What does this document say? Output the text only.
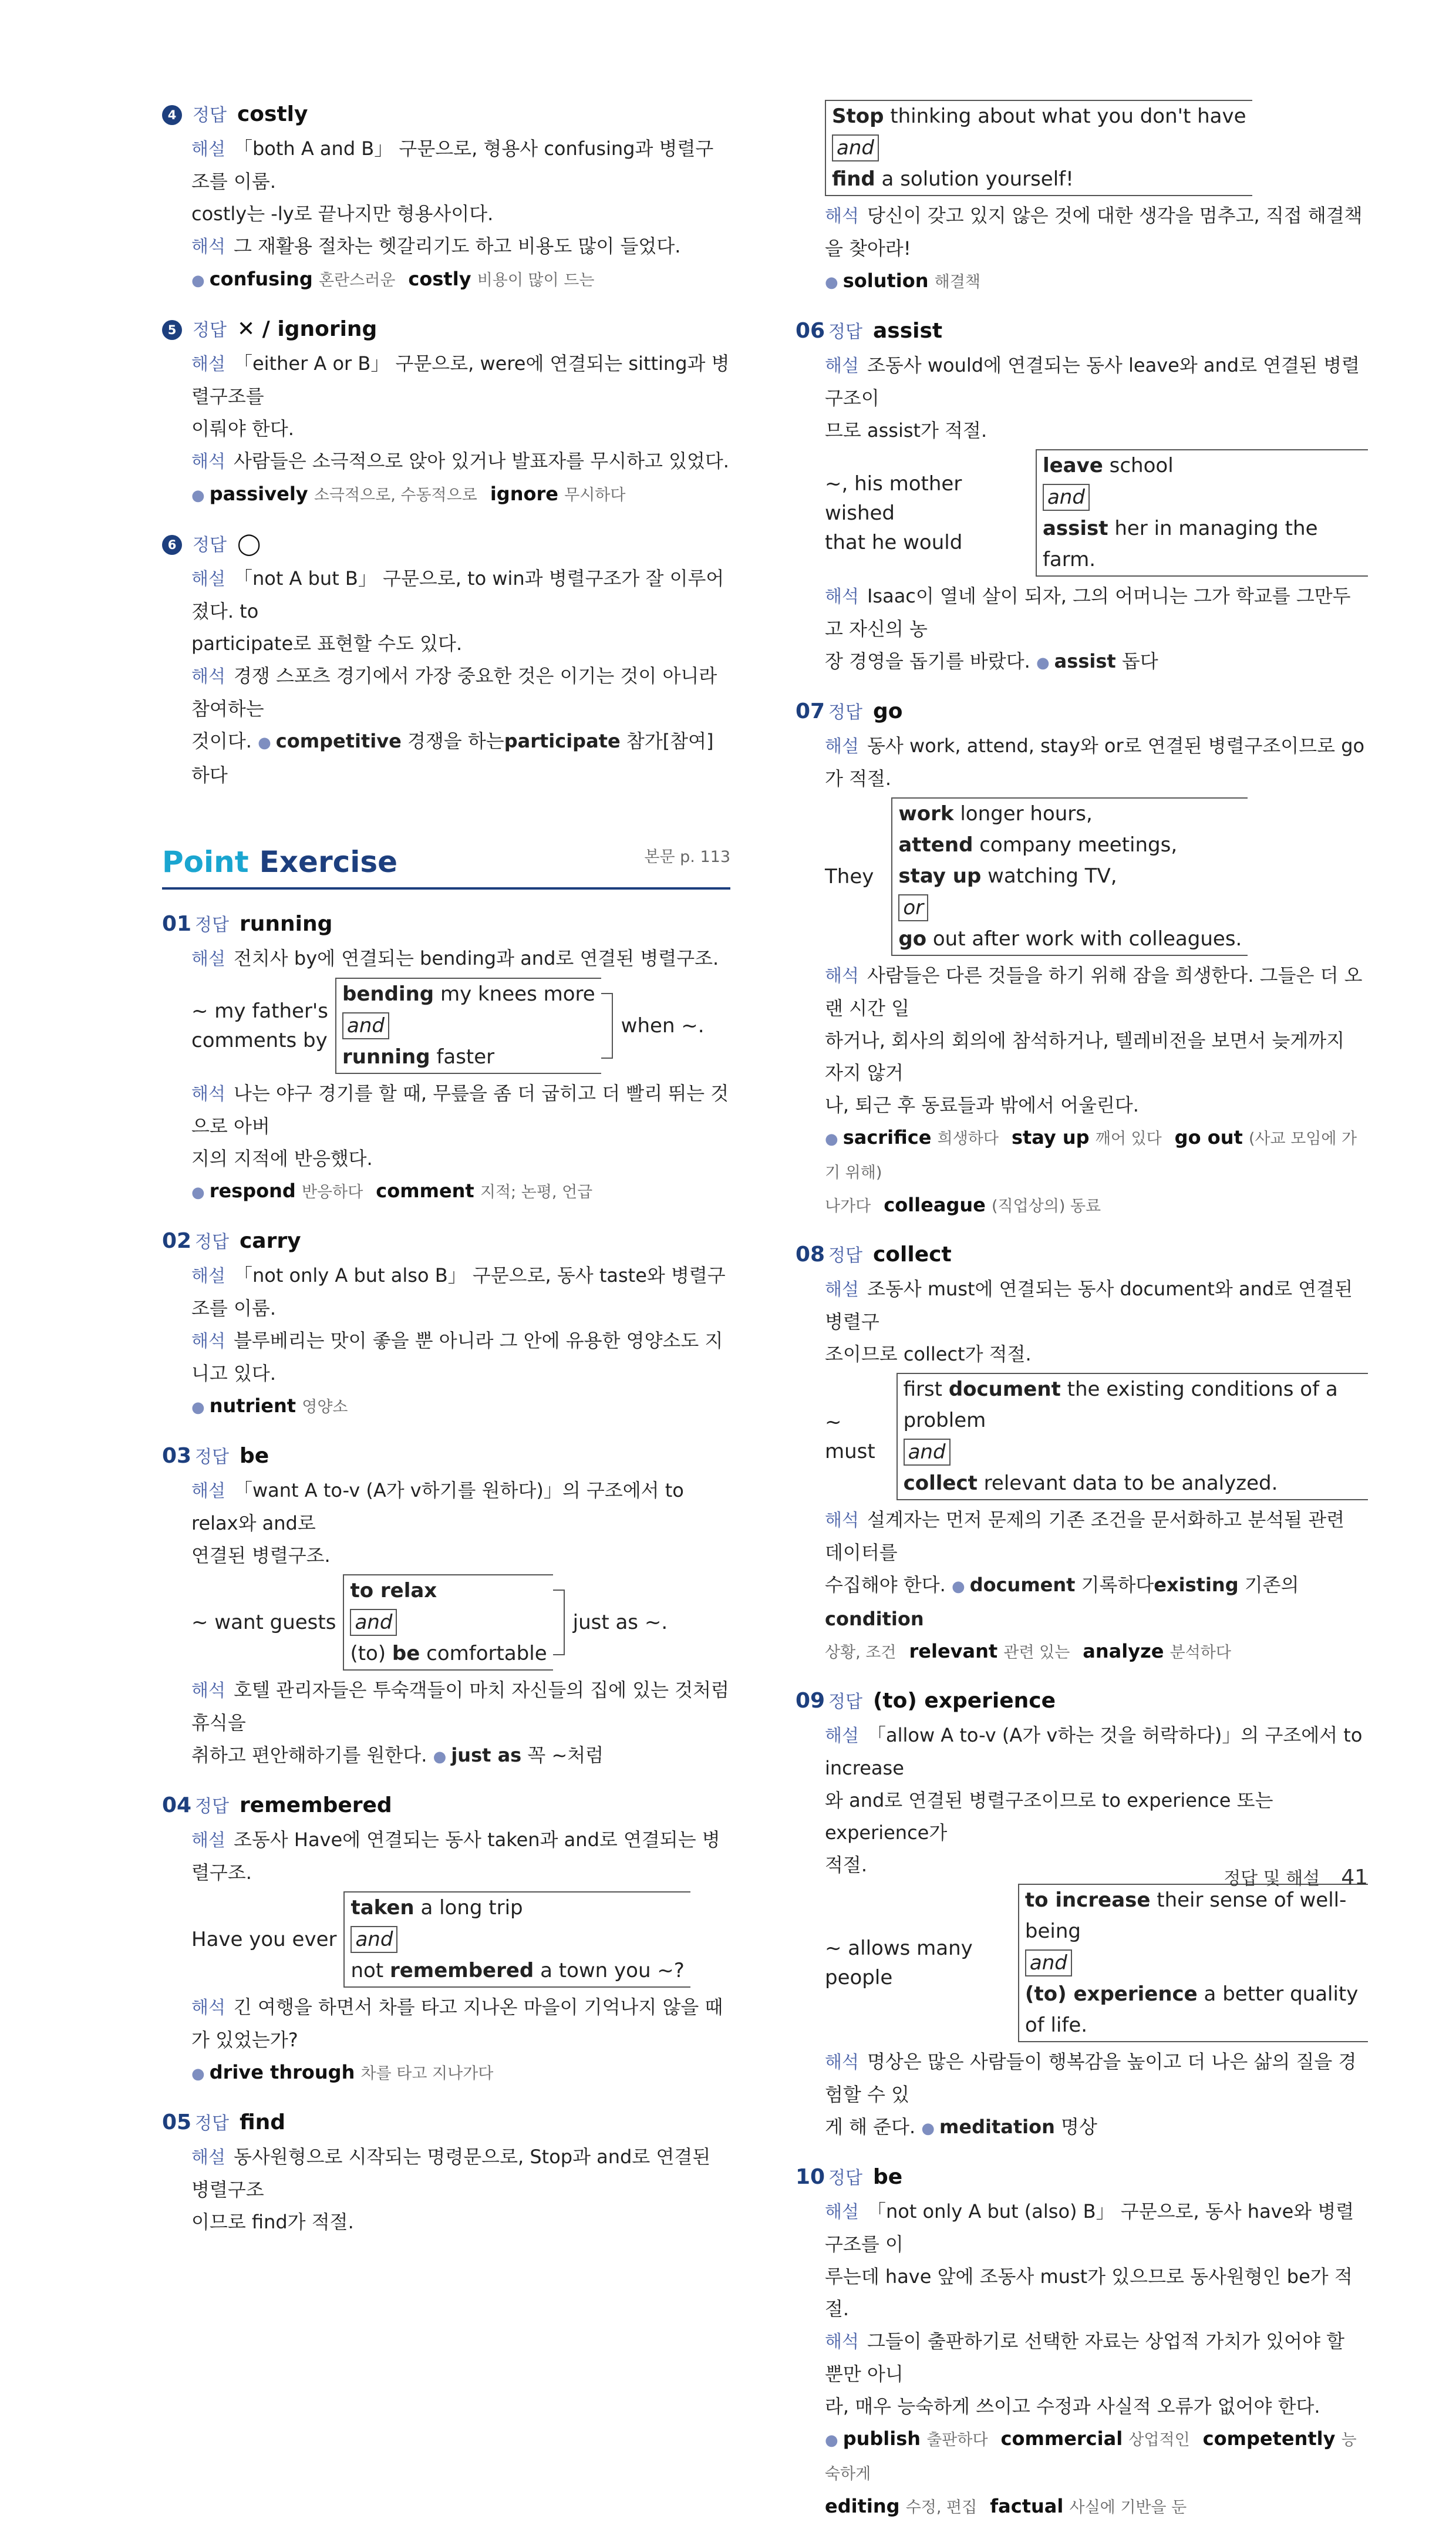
4 정답 costly
해설 「both A and B」 구문으로, 형용사 confusing과 병렬구조를 이룸.
costly는 -ly로 끝나지만 형용사이다.
해석 그 재활용 절차는 헷갈리기도 하고 비용도 많이 들었다.
● confusing 혼란스러운 costly 비용이 많이 드는
5 정답 ✕ / ignoring
해설 「either A or B」 구문으로, were에 연결되는 sitting과 병렬구조를
이뤄야 한다.
해석 사람들은 소극적으로 앉아 있거나 발표자를 무시하고 있었다.
● passively 소극적으로, 수동적으로 ignore 무시하다
6 정답 ◯
해설 「not A but B」 구문으로, to win과 병렬구조가 잘 이루어졌다. to
participate로 표현할 수도 있다.
해석 경쟁 스포츠 경기에서 가장 중요한 것은 이기는 것이 아니라 참여하는
것이다. ● competitive 경쟁을 하는participate 참가[참여]하다
Point Exercise	본문 p. 113
01 정답 running
해설 전치사 by에 연결되는 bending과 and로 연결된 병렬구조.
~ my father's
comments by
bending my knees more
and
running faster
when ~.
해석 나는 야구 경기를 할 때, 무릎을 좀 더 굽히고 더 빨리 뛰는 것으로 아버
지의 지적에 반응했다.
● respond 반응하다 comment 지적; 논평, 언급
02 정답 carry
해설 「not only A but also B」 구문으로, 동사 taste와 병렬구조를 이룸.
해석 블루베리는 맛이 좋을 뿐 아니라 그 안에 유용한 영양소도 지니고 있다.
● nutrient 영양소
03 정답 be
해설 「want A to-v (A가 v하기를 원하다)」의 구조에서 to relax와 and로
연결된 병렬구조.
~ want guests
to relax
and
(to) be comfortable
just as ~.
해석 호텔 관리자들은 투숙객들이 마치 자신들의 집에 있는 것처럼 휴식을
취하고 편안해하기를 원한다. ● just as 꼭 ~처럼
04 정답 remembered
해설 조동사 Have에 연결되는 동사 taken과 and로 연결되는 병렬구조.
Have you ever
taken a long trip
and
not remembered a town you ~?
해석 긴 여행을 하면서 차를 타고 지나온 마을이 기억나지 않을 때가 있었는가?
● drive through 차를 타고 지나가다
05 정답 find
해설 동사원형으로 시작되는 명령문으로, Stop과 and로 연결된 병렬구조
이므로 find가 적절.
Stop thinking about what you don't have
and
find a solution yourself!
해석 당신이 갖고 있지 않은 것에 대한 생각을 멈추고, 직접 해결책을 찾아라!
● solution 해결책
06 정답 assist
해설 조동사 would에 연결되는 동사 leave와 and로 연결된 병렬구조이
므로 assist가 적절.
~, his mother wished
that he would
leave school
and
assist her in managing the farm.
해석 Isaac이 열네 살이 되자, 그의 어머니는 그가 학교를 그만두고 자신의 농
장 경영을 돕기를 바랐다. ● assist 돕다
07 정답 go
해설 동사 work, attend, stay와 or로 연결된 병렬구조이므로 go가 적절.
They
work longer hours,
attend company meetings,
stay up watching TV,
or
go out after work with colleagues.
해석 사람들은 다른 것들을 하기 위해 잠을 희생한다. 그들은 더 오랜 시간 일
하거나, 회사의 회의에 참석하거나, 텔레비전을 보면서 늦게까지 자지 않거
나, 퇴근 후 동료들과 밖에서 어울린다.
● sacrifice 희생하다 stay up 깨어 있다 go out (사교 모임에 가기 위해)
나가다 colleague (직업상의) 동료
08 정답 collect
해설 조동사 must에 연결되는 동사 document와 and로 연결된 병렬구
조이므로 collect가 적절.
~ must
first document the existing conditions of a problem
and
collect relevant data to be analyzed.
해석 설계자는 먼저 문제의 기존 조건을 문서화하고 분석될 관련 데이터를
수집해야 한다. ● document 기록하다existing 기존의condition
상황, 조건 relevant 관련 있는 analyze 분석하다
09 정답 (to) experience
해설 「allow A to-v (A가 v하는 것을 허락하다)」의 구조에서 to increase
와 and로 연결된 병렬구조이므로 to experience 또는 experience가
적절.
~ allows many people
to increase their sense of well-being
and
(to) experience a better quality of life.
해석 명상은 많은 사람들이 행복감을 높이고 더 나은 삶의 질을 경험할 수 있
게 해 준다. ● meditation 명상
10 정답 be
해설 「not only A but (also) B」 구문으로, 동사 have와 병렬구조를 이
루는데 have 앞에 조동사 must가 있으므로 동사원형인 be가 적절.
해석 그들이 출판하기로 선택한 자료는 상업적 가치가 있어야 할 뿐만 아니
라, 매우 능숙하게 쓰이고 수정과 사실적 오류가 없어야 한다.
● publish 출판하다 commercial 상업적인 competently 능숙하게
editing 수정, 편집 factual 사실에 기반을 둔
정답 및 해설 41
